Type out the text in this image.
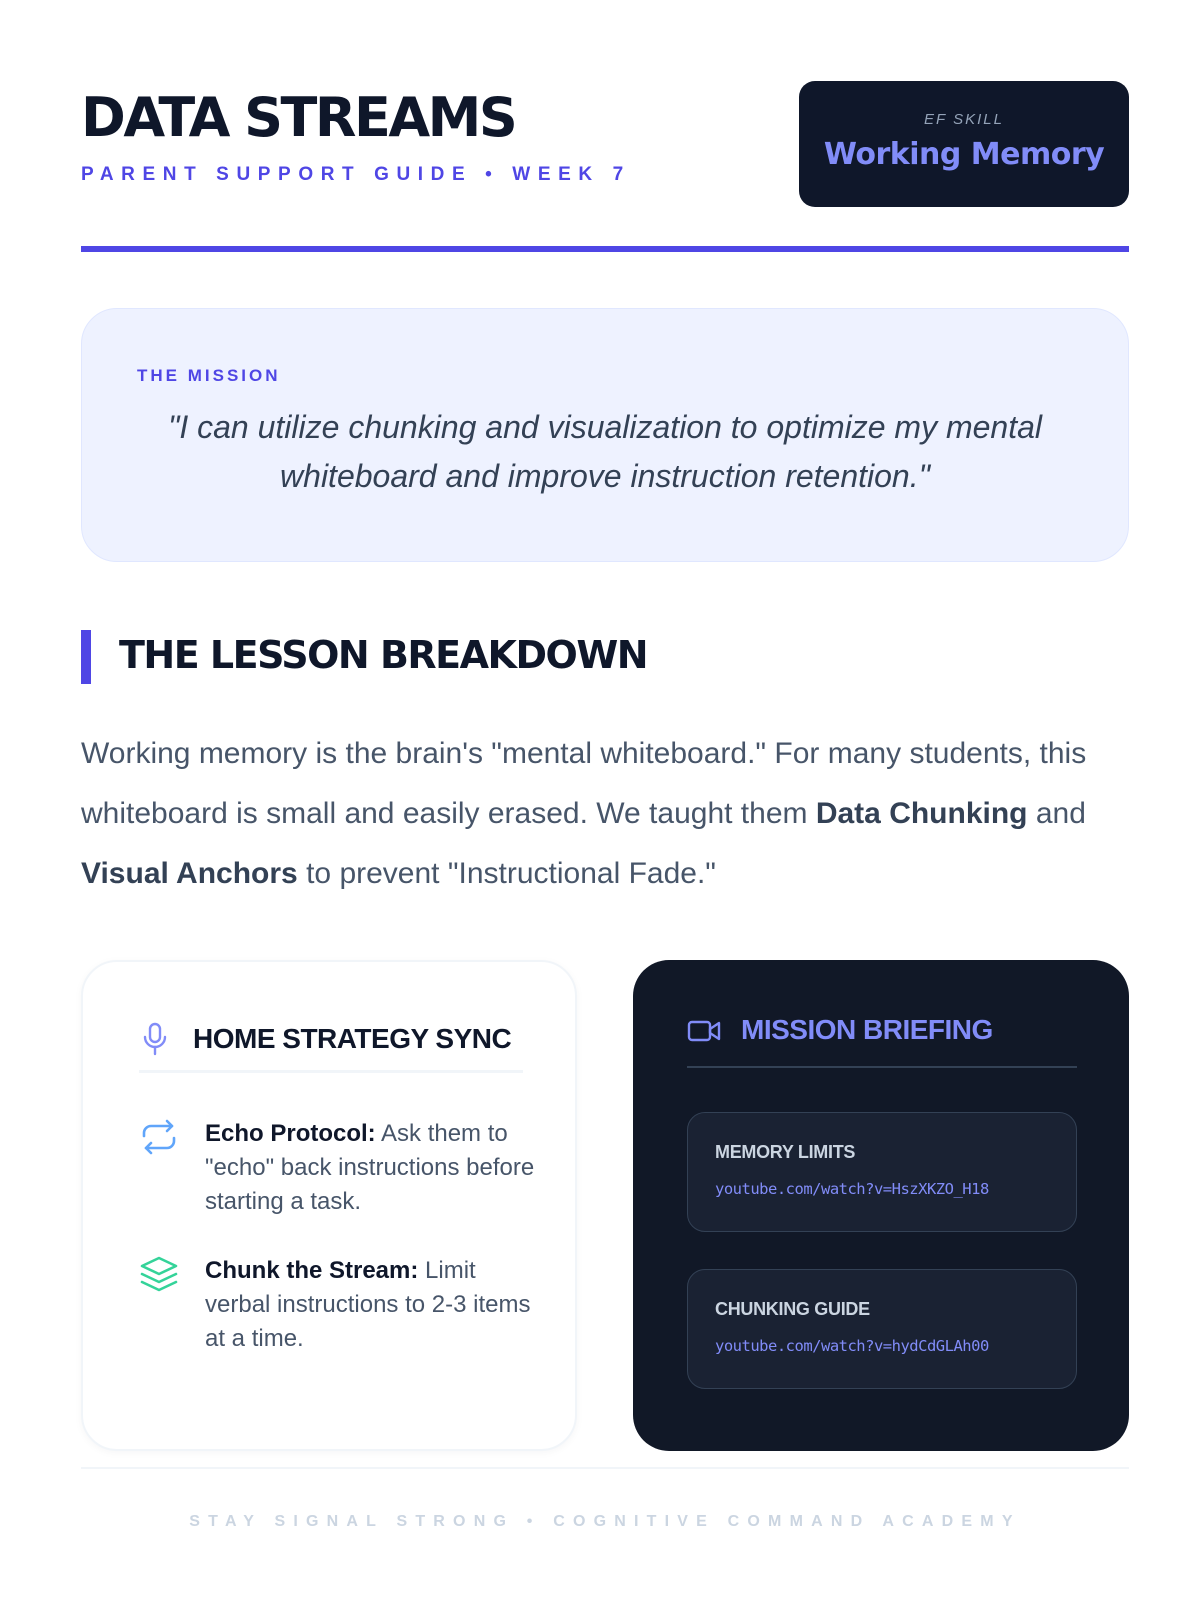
DATA STREAMS
PARENT SUPPORT GUIDE • WEEK 7
EF SKILL
Working Memory
THE MISSION
"I can utilize chunking and visualization to optimize my mental whiteboard and improve instruction retention."
THE LESSON BREAKDOWN

Working memory is the brain's "mental whiteboard." For many students, this whiteboard is small and easily erased. We taught them Data Chunking and Visual Anchors to prevent "Instructional Fade."

HOME STRATEGY SYNC

Echo Protocol: Ask them to "echo" back instructions before starting a task.

Chunk the Stream: Limit verbal instructions to 2-3 items at a time.

MISSION BRIEFING
MEMORY LIMITS
youtube.com/watch?v=HszXKZO_H18
CHUNKING GUIDE
youtube.com/watch?v=hydCdGLAh00
STAY SIGNAL STRONG • COGNITIVE COMMAND ACADEMY
